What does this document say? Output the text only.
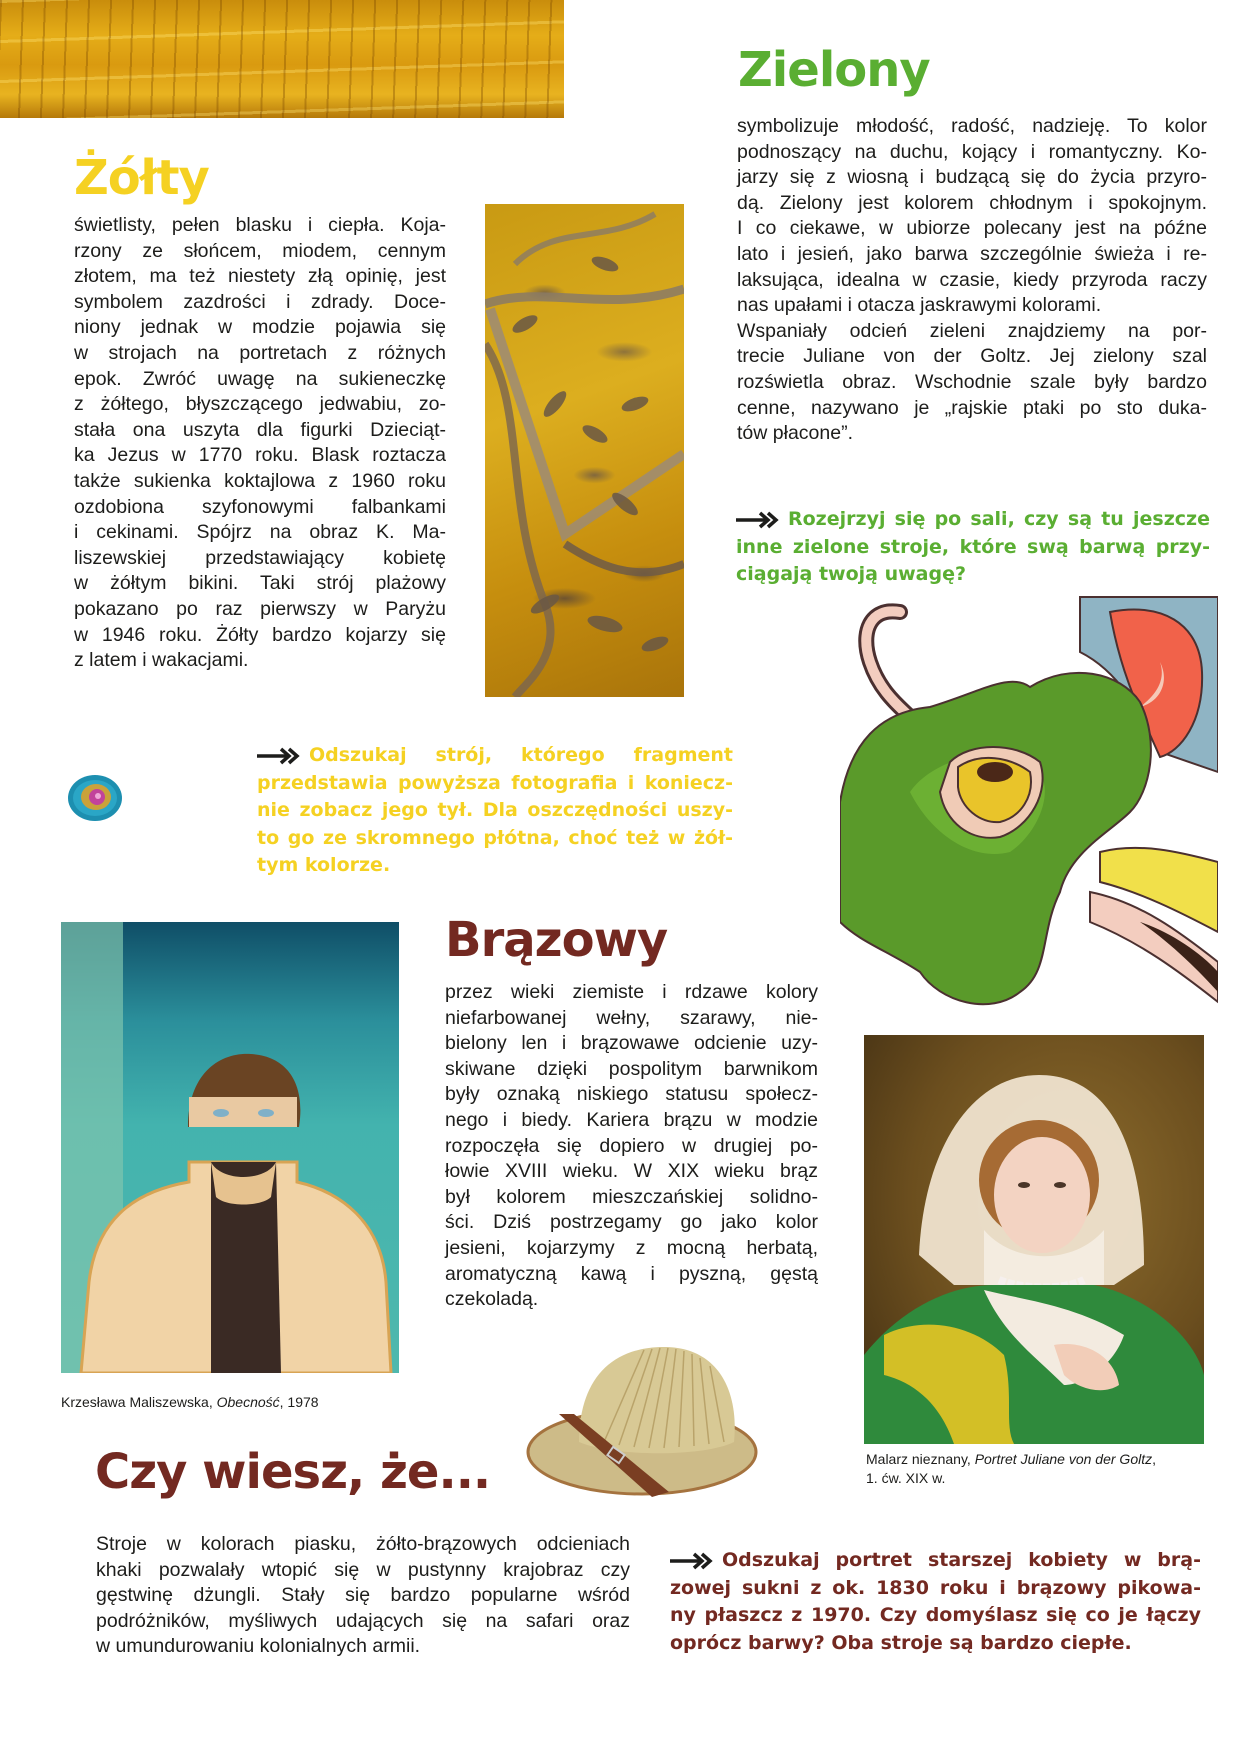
Żółty
świetlisty, pełen blasku i ciepła. Koja-
rzony ze słońcem, miodem, cennym
złotem, ma też niestety złą opinię, jest
symbolem zazdrości i zdrady. Doce-
niony jednak w modzie pojawia się
w strojach na portretach z różnych
epok. Zwróć uwagę na sukieneczkę
z żółtego, błyszczącego jedwabiu, zo-
stała ona uszyta dla figurki Dzieciąt-
ka Jezus w 1770 roku. Blask roztacza
także sukienka koktajlowa z 1960 roku
ozdobiona szyfonowymi falbankami
i cekinami. Spójrz na obraz K. Ma-
liszewskiej przedstawiający kobietę
w żółtym bikini. Taki strój plażowy
pokazano po raz pierwszy w Paryżu
w 1946 roku. Żółty bardzo kojarzy się
z latem i wakacjami.
Odszukaj strój, którego fragment
przedstawia powyższa fotografia i koniecz-
nie zobacz jego tył. Dla oszczędności uszy-
to go ze skromnego płótna, choć też w żół-
tym kolorze.
Zielony
symbolizuje młodość, radość, nadzieję. To kolor
podnoszący na duchu, kojący i romantyczny. Ko-
jarzy się z wiosną i budzącą się do życia przyro-
dą. Zielony jest kolorem chłodnym i spokojnym.
I co ciekawe, w ubiorze polecany jest na późne
lato i jesień, jako barwa szczególnie świeża i re-
laksująca, idealna w czasie, kiedy przyroda raczy
nas upałami i otacza jaskrawymi kolorami.
Wspaniały odcień zieleni znajdziemy na por-
trecie Juliane von der Goltz. Jej zielony szal
rozświetla obraz. Wschodnie szale były bardzo
cenne, nazywano je „rajskie ptaki po sto duka-
tów płacone”.
Rozejrzyj się po sali, czy są tu jeszcze
inne zielone stroje, które swą barwą przy-
ciągają twoją uwagę?
Brązowy
przez wieki ziemiste i rdzawe kolory
niefarbowanej wełny, szarawy, nie-
bielony len i brązowawe odcienie uzy-
skiwane dzięki pospolitym barwnikom
były oznaką niskiego statusu społecz-
nego i biedy. Kariera brązu w modzie
rozpoczęła się dopiero w drugiej po-
łowie XVIII wieku. W XIX wieku brąz
był kolorem mieszczańskiej solidno-
ści. Dziś postrzegamy go jako kolor
jesieni, kojarzymy z mocną herbatą,
aromatyczną kawą i pyszną, gęstą
czekoladą.
Krzesława Maliszewska, Obecność, 1978
Malarz nieznany, Portret Juliane von der Goltz,
1. ćw. XIX w.
Czy wiesz, że...
Stroje w kolorach piasku, żółto-brązowych odcieniach
khaki pozwalały wtopić się w pustynny krajobraz czy
gęstwinę dżungli. Stały się bardzo popularne wśród
podróżników, myśliwych udających się na safari oraz
w umundurowaniu kolonialnych armii.
Odszukaj portret starszej kobiety w brą-
zowej sukni z ok. 1830 roku i brązowy pikowa-
ny płaszcz z 1970. Czy domyślasz się co je łączy
oprócz barwy? Oba stroje są bardzo ciepłe.
